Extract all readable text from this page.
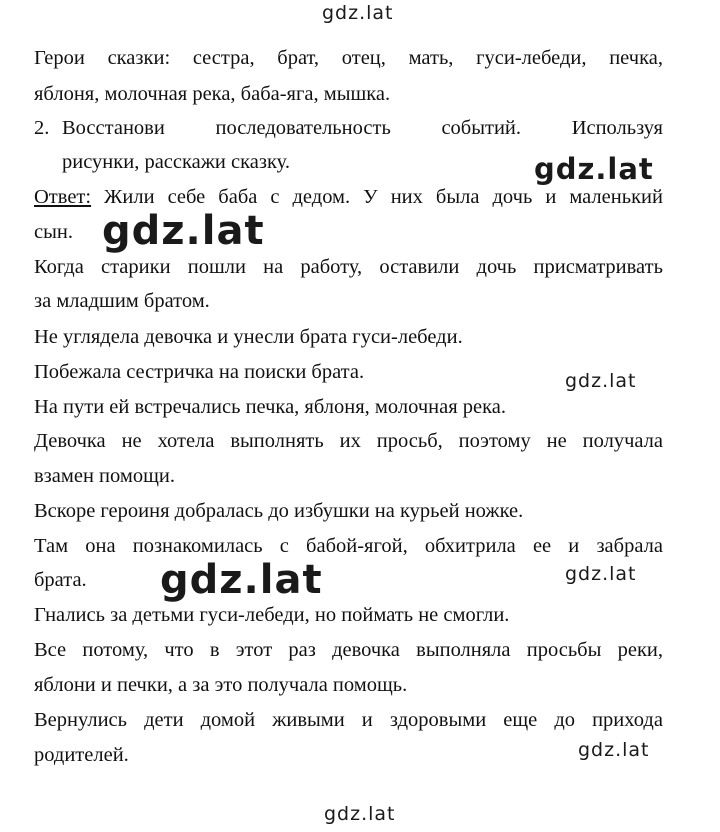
gdz.lat
Герои сказки: сестра, брат, отец, мать, гуси-лебеди, печка,
яблоня, молочная река, баба-яга, мышка.
2. Восстанови последовательность событий. Используя
рисунки, расскажи сказку.	gdz.lat
Ответ: Жили себе баба с дедом. У них была дочь и маленький
сын. gdz.lat
Когда старики пошли на работу, оставили дочь присматривать
за младшим братом.
Не углядела девочка и унесли брата гуси-лебеди.
Побежала сестричка на поиски брата.	gdz.lat
На пути ей встречались печка, яблоня, молочная река.
Девочка не хотела выполнять их просьб, поэтому не получала
взамен помощи.
Вскоре героиня добралась до избушки на курьей ножке.
Там она познакомилась с бабой-ягой, обхитрила ее и забрала
брата. gdz.lat	gdz.lat
Гнались за детьми гуси-лебеди, но поймать не смогли.
Все потому, что в этот раз девочка выполняла просьбы реки,
яблони и печки, а за это получала помощь.
Вернулись дети домой живыми и здоровыми еще до прихода
родителей.	gdz.lat
gdz.lat
